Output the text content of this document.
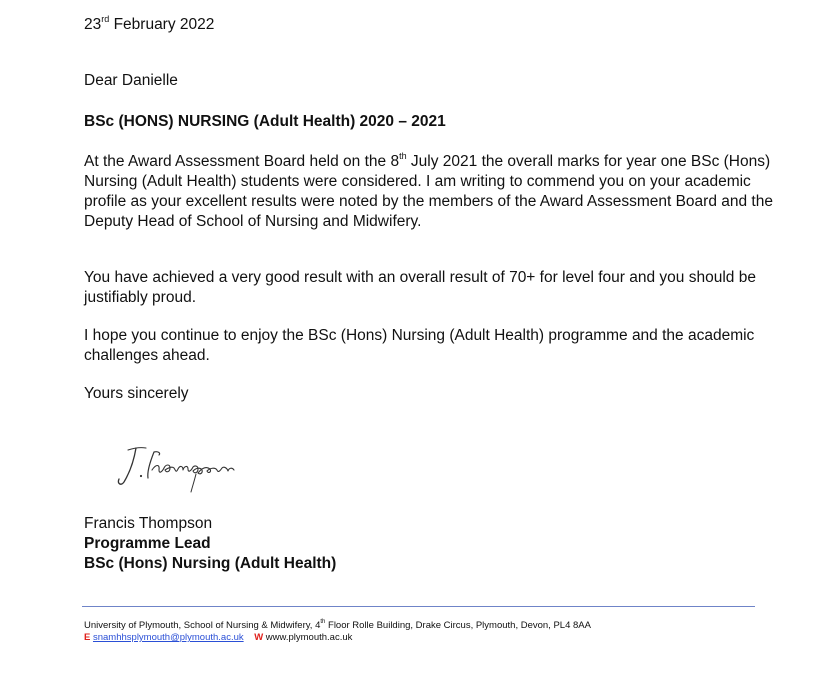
23rd February 2022
Dear Danielle
BSc (HONS) NURSING (Adult Health) 2020 – 2021

At the Award Assessment Board held on the 8th July 2021 the overall marks for year one BSc (Hons) Nursing (Adult Health) students were considered. I am writing to commend you on your academic profile as your excellent results were noted by the members of the Award Assessment Board and the Deputy Head of School of Nursing and Midwifery.

You have achieved a very good result with an overall result of 70+ for level four and you should be justifiably proud.

I hope you continue to enjoy the BSc (Hons) Nursing (Adult Health) programme and the academic challenges ahead.

Yours sincerely
Francis Thompson
Programme Lead
BSc (Hons) Nursing (Adult Health)
University of Plymouth, School of Nursing & Midwifery, 4th Floor Rolle Building, Drake Circus, Plymouth, Devon, PL4 8AA
E snamhhsplymouth@plymouth.ac.uk W www.plymouth.ac.uk
